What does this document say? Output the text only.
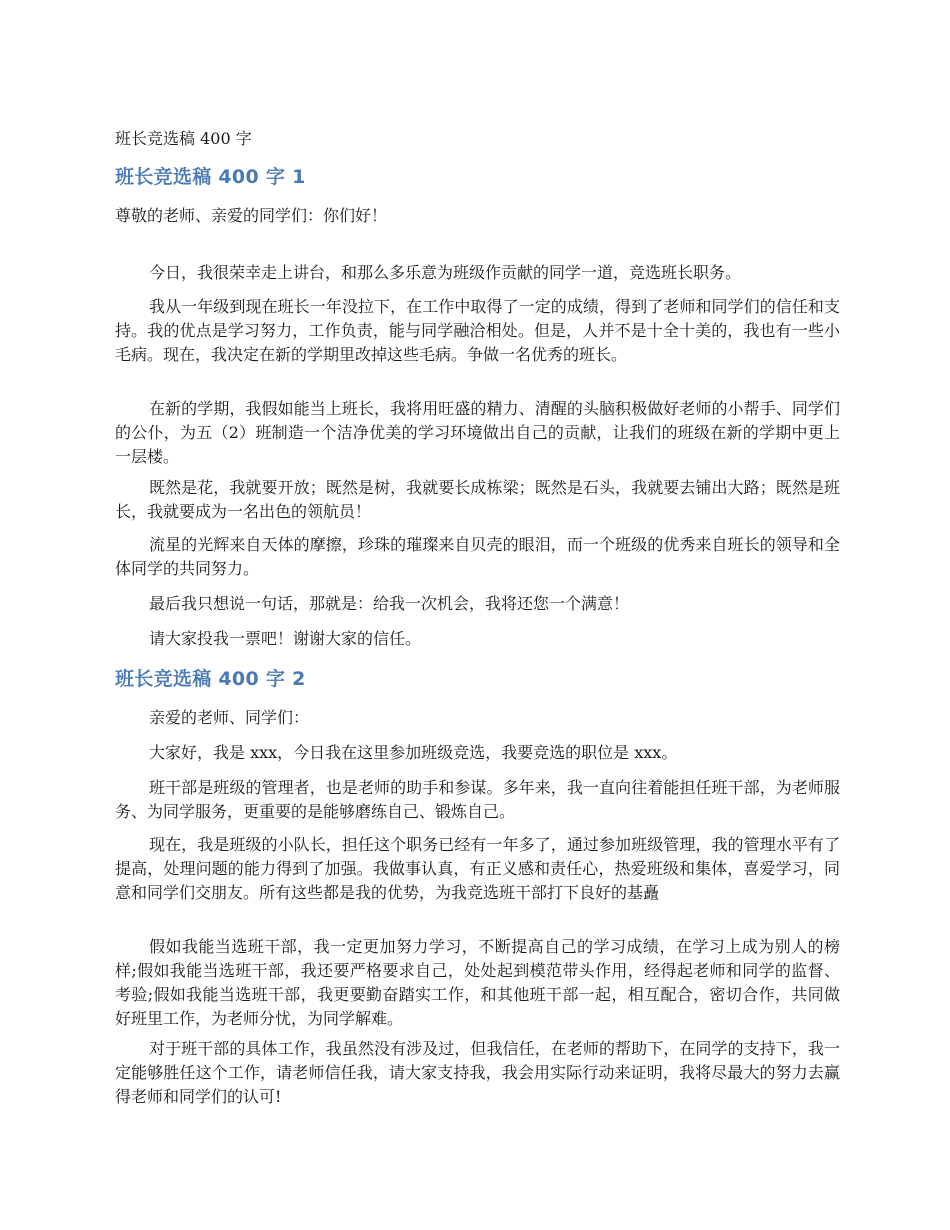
班长竞选稿 400 字
班长竞选稿 400 字 1
尊敬的老师、亲爱的同学们：你们好！
今日，我很荣幸走上讲台，和那么多乐意为班级作贡献的同学一道，竞选班长职务。
我从一年级到现在班长一年没拉下，在工作中取得了一定的成绩，得到了老师和同学们的信任和支持。我的优点是学习努力，工作负责，能与同学融洽相处。但是，人并不是十全十美的，我也有一些小毛病。现在，我决定在新的学期里改掉这些毛病。争做一名优秀的班长。
在新的学期，我假如能当上班长，我将用旺盛的精力、清醒的头脑积极做好老师的小帮手、同学们的公仆，为五（2）班制造一个洁净优美的学习环境做出自己的贡献，让我们的班级在新的学期中更上一层楼。
既然是花，我就要开放；既然是树，我就要长成栋梁；既然是石头，我就要去铺出大路；既然是班长，我就要成为一名出色的领航员！
流星的光辉来自天体的摩擦，珍珠的璀璨来自贝壳的眼泪，而一个班级的优秀来自班长的领导和全体同学的共同努力。
最后我只想说一句话，那就是：给我一次机会，我将还您一个满意！
请大家投我一票吧！谢谢大家的信任。
班长竞选稿 400 字 2
亲爱的老师、同学们：
大家好，我是 xxx，今日我在这里参加班级竞选，我要竞选的职位是 xxx。
班干部是班级的管理者，也是老师的助手和参谋。多年来，我一直向往着能担任班干部，为老师服务、为同学服务，更重要的是能够磨练自己、锻炼自己。
现在，我是班级的小队长，担任这个职务已经有一年多了，通过参加班级管理，我的管理水平有了提高，处理问题的能力得到了加强。我做事认真，有正义感和责任心，热爱班级和集体，喜爱学习，同意和同学们交朋友。所有这些都是我的优势，为我竞选班干部打下良好的基矗
假如我能当选班干部，我一定更加努力学习，不断提高自己的学习成绩，在学习上成为别人的榜样;假如我能当选班干部，我还要严格要求自己，处处起到模范带头作用，经得起老师和同学的监督、考验;假如我能当选班干部，我更要勤奋踏实工作，和其他班干部一起，相互配合，密切合作，共同做好班里工作，为老师分忧，为同学解难。
对于班干部的具体工作，我虽然没有涉及过，但我信任，在老师的帮助下，在同学的支持下，我一定能够胜任这个工作，请老师信任我，请大家支持我，我会用实际行动来证明，我将尽最大的努力去赢得老师和同学们的认可!
